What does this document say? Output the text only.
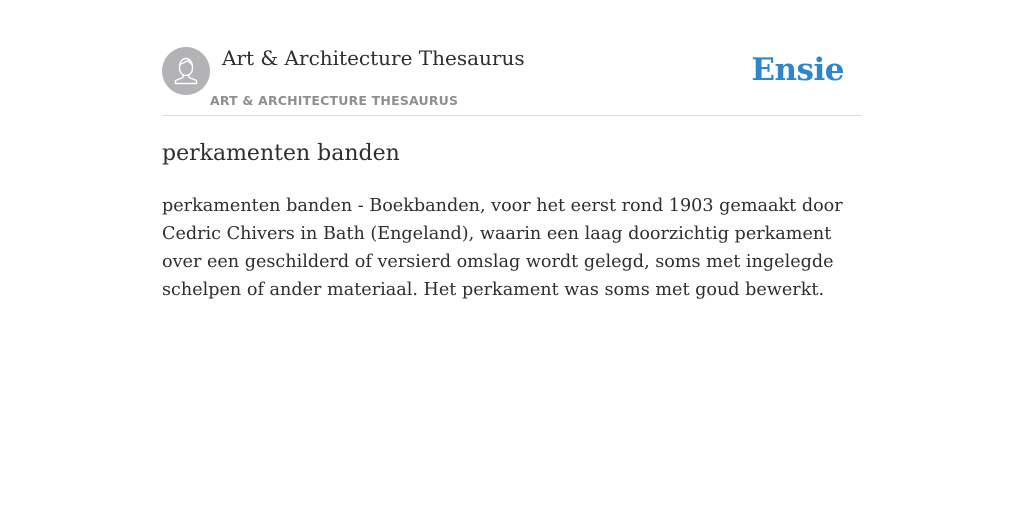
Art & Architecture Thesaurus
ART & ARCHITECTURE THESAURUS
Ensie
perkamenten banden

perkamenten banden - Boekbanden, voor het eerst rond 1903 gemaakt door Cedric Chivers in Bath (Engeland), waarin een laag doorzichtig perkament over een geschilderd of versierd omslag wordt gelegd, soms met ingelegde schelpen of ander materiaal. Het perkament was soms met goud bewerkt.
